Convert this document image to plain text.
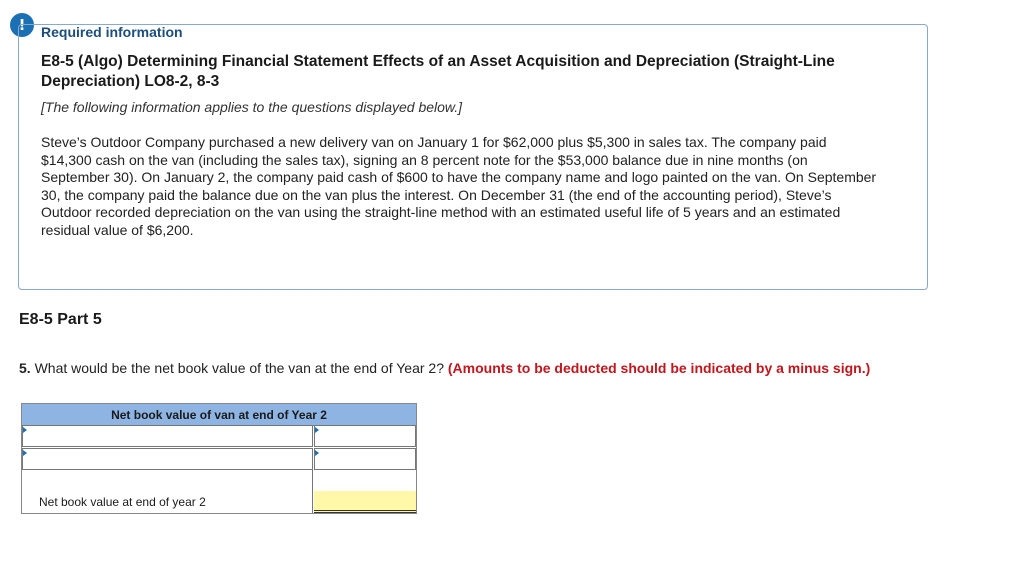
!	Required information
E8-5 (Algo) Determining Financial Statement Effects of an Asset Acquisition and Depreciation (Straight-Line Depreciation) LO8-2, 8-3
[The following information applies to the questions displayed below.]
Steve’s Outdoor Company purchased a new delivery van on January 1 for $62,000 plus $5,300 in sales tax. The company paid $14,300 cash on the van (including the sales tax), signing an 8 percent note for the $53,000 balance due in nine months (on September 30). On January 2, the company paid cash of $600 to have the company name and logo painted on the van. On September 30, the company paid the balance due on the van plus the interest. On December 31 (the end of the accounting period), Steve’s Outdoor recorded depreciation on the van using the straight-line method with an estimated useful life of 5 years and an estimated residual value of $6,200.
E8-5 Part 5
5. What would be the net book value of the van at the end of Year 2? (Amounts to be deducted should be indicated by a minus sign.)
Net book value of van at end of Year 2
Net book value at end of year 2
